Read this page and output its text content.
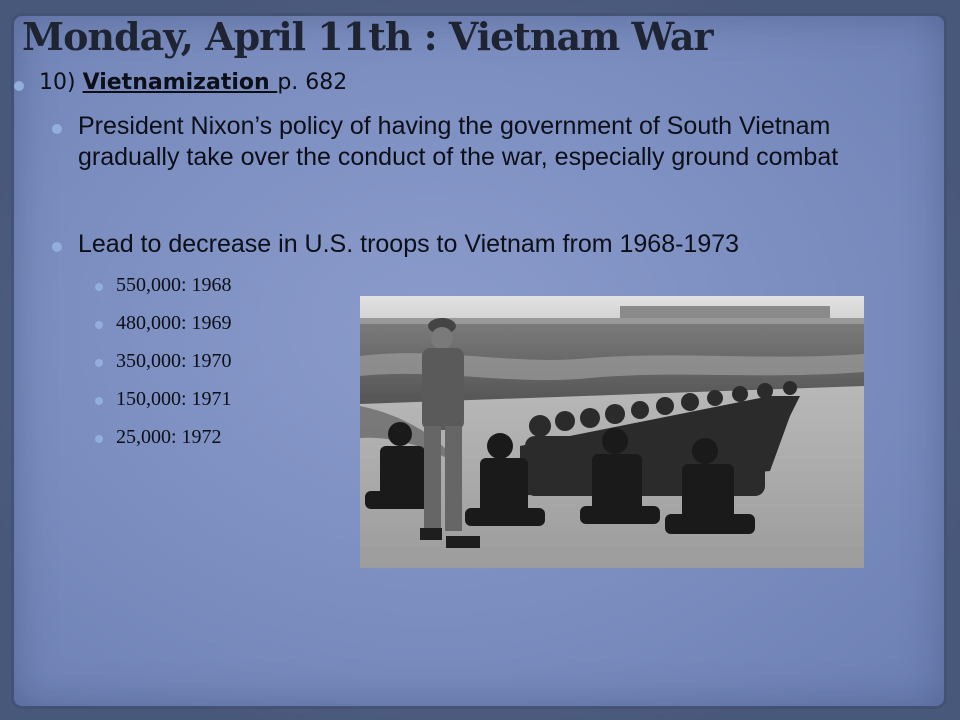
Monday, April 11th : Vietnam War
10) Vietnamization p. 682
President Nixon’s policy of having the government of South Vietnam gradually take over the conduct of the war, especially ground combat
Lead to decrease in U.S. troops to Vietnam from 1968-1973
550,000: 1968
480,000: 1969
350,000: 1970
150,000: 1971
25,000: 1972
